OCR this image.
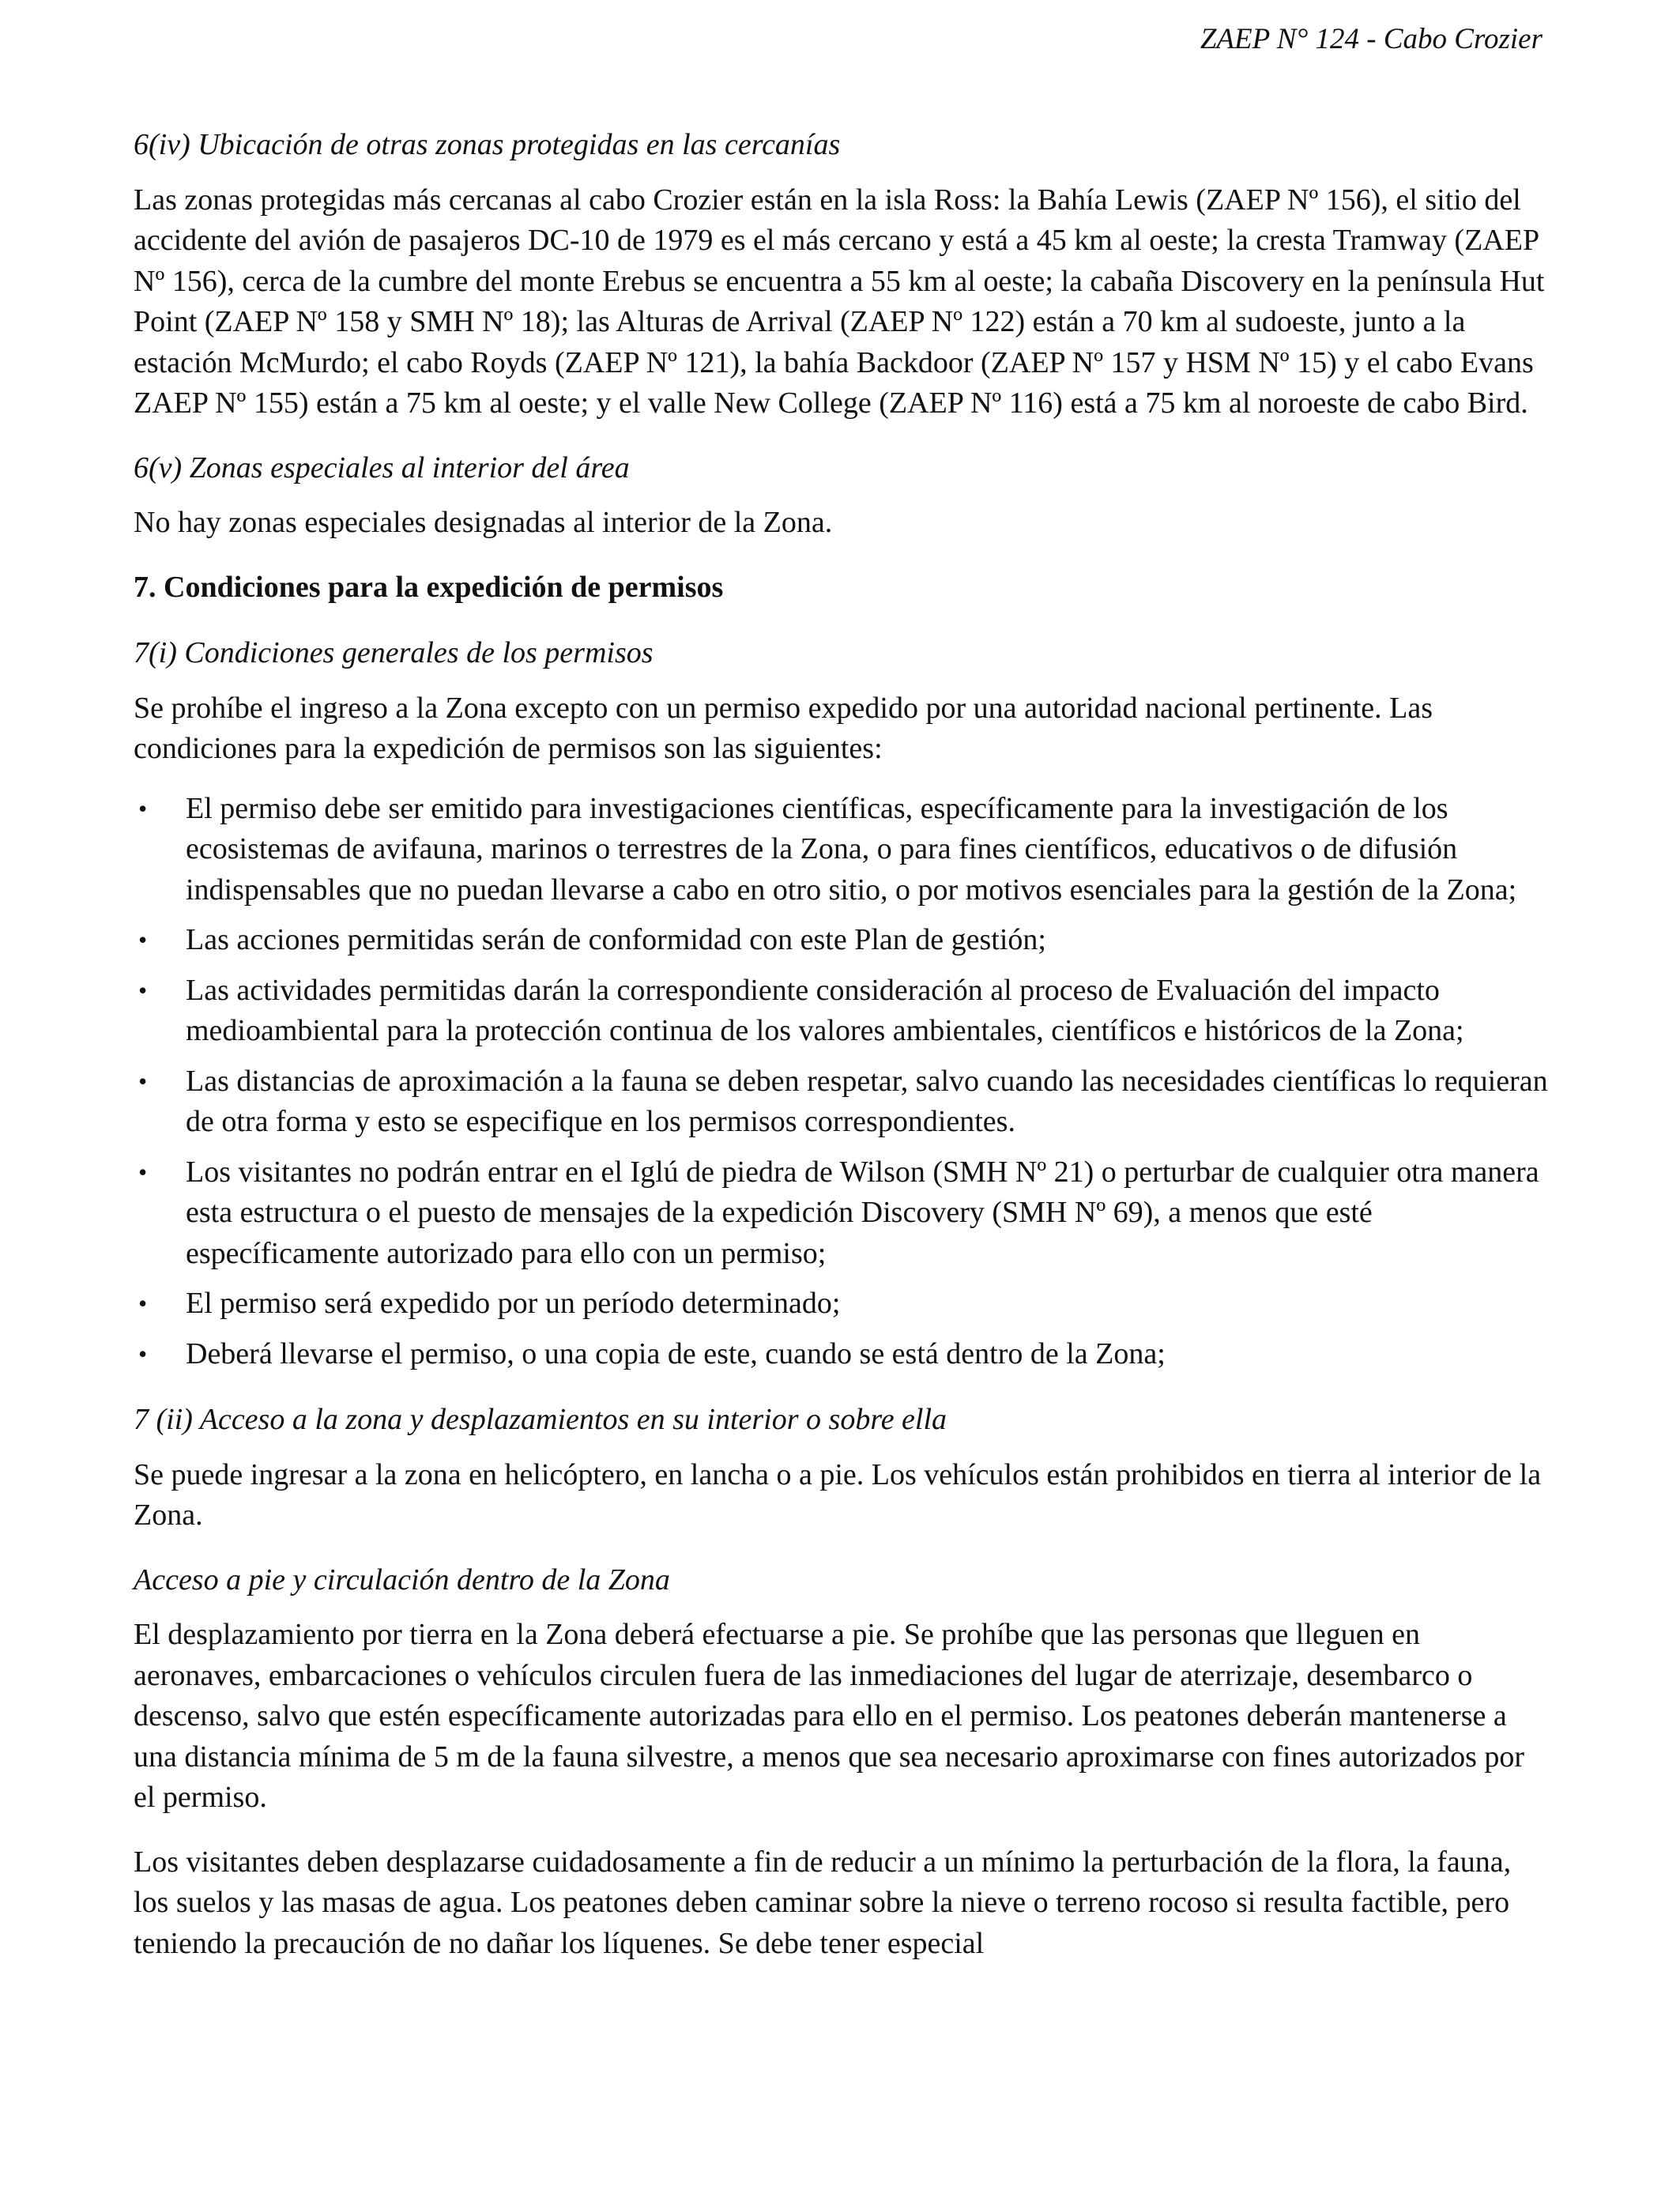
ZAEP N° 124 - Cabo Crozier
6(iv) Ubicación de otras zonas protegidas en las cercanías
Las zonas protegidas más cercanas al cabo Crozier están en la isla Ross: la Bahía Lewis (ZAEP Nº 156), el sitio del accidente del avión de pasajeros DC-10 de 1979 es el más cercano y está a 45 km al oeste; la cresta Tramway (ZAEP Nº 156), cerca de la cumbre del monte Erebus se encuentra a 55 km al oeste; la cabaña Discovery en la península Hut Point (ZAEP Nº 158 y SMH Nº 18); las Alturas de Arrival (ZAEP Nº 122) están a 70 km al sudoeste, junto a la estación McMurdo; el cabo Royds (ZAEP Nº 121), la bahía Backdoor (ZAEP Nº 157 y HSM Nº 15) y el cabo Evans ZAEP Nº 155) están a 75 km al oeste; y el valle New College (ZAEP Nº 116) está a 75 km al noroeste de cabo Bird.
6(v) Zonas especiales al interior del área
No hay zonas especiales designadas al interior de la Zona.
7. Condiciones para la expedición de permisos
7(i) Condiciones generales de los permisos
Se prohíbe el ingreso a la Zona excepto con un permiso expedido por una autoridad nacional pertinente. Las condiciones para la expedición de permisos son las siguientes:
• El permiso debe ser emitido para investigaciones científicas, específicamente para la investigación de los ecosistemas de avifauna, marinos o terrestres de la Zona, o para fines científicos, educativos o de difusión indispensables que no puedan llevarse a cabo en otro sitio, o por motivos esenciales para la gestión de la Zona;
• Las acciones permitidas serán de conformidad con este Plan de gestión;
• Las actividades permitidas darán la correspondiente consideración al proceso de Evaluación del impacto medioambiental para la protección continua de los valores ambientales, científicos e históricos de la Zona;
• Las distancias de aproximación a la fauna se deben respetar, salvo cuando las necesidades científicas lo requieran de otra forma y esto se especifique en los permisos correspondientes.
• Los visitantes no podrán entrar en el Iglú de piedra de Wilson (SMH Nº 21) o perturbar de cualquier otra manera esta estructura o el puesto de mensajes de la expedición Discovery (SMH Nº 69), a menos que esté específicamente autorizado para ello con un permiso;
• El permiso será expedido por un período determinado;
• Deberá llevarse el permiso, o una copia de este, cuando se está dentro de la Zona;
7 (ii) Acceso a la zona y desplazamientos en su interior o sobre ella
Se puede ingresar a la zona en helicóptero, en lancha o a pie. Los vehículos están prohibidos en tierra al interior de la Zona.
Acceso a pie y circulación dentro de la Zona
El desplazamiento por tierra en la Zona deberá efectuarse a pie. Se prohíbe que las personas que lleguen en aeronaves, embarcaciones o vehículos circulen fuera de las inmediaciones del lugar de aterrizaje, desembarco o descenso, salvo que estén específicamente autorizadas para ello en el permiso. Los peatones deberán mantenerse a una distancia mínima de 5 m de la fauna silvestre, a menos que sea necesario aproximarse con fines autorizados por el permiso.
Los visitantes deben desplazarse cuidadosamente a fin de reducir a un mínimo la perturbación de la flora, la fauna, los suelos y las masas de agua. Los peatones deben caminar sobre la nieve o terreno rocoso si resulta factible, pero teniendo la precaución de no dañar los líquenes. Se debe tener especial
